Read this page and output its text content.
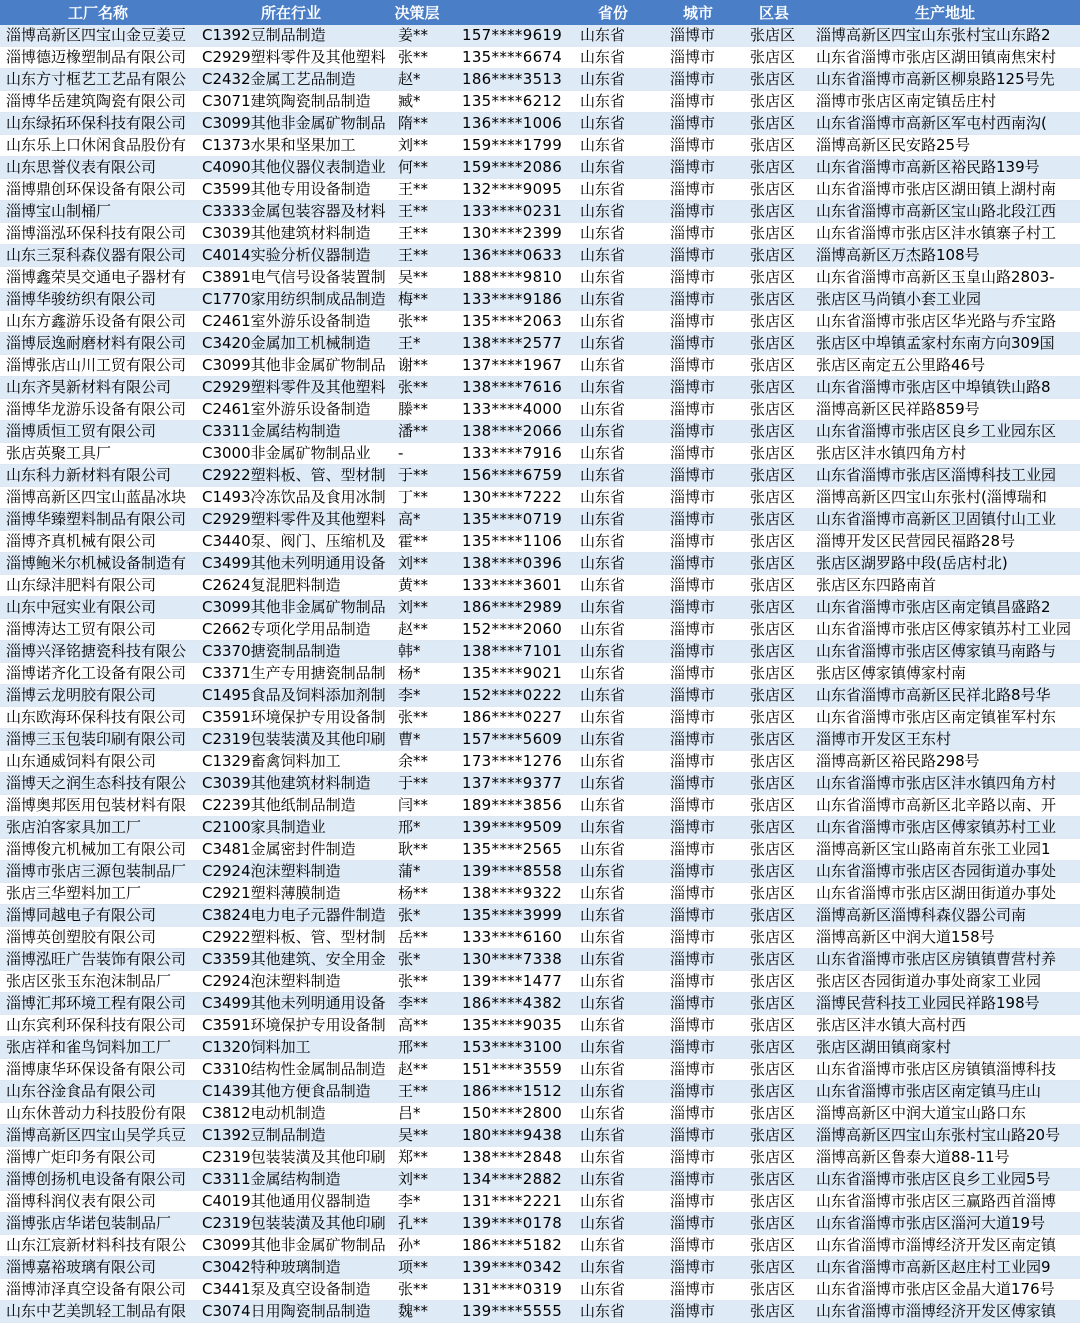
工厂名称	所在行业	决策层		省份	城市	区县	生产地址
淄博高新区四宝山金豆姜豆	C1392豆制品制造	姜**	157****9619	山东省	淄博市	张店区	淄博高新区四宝山东张村宝山东路2
淄博德迈橡塑制品有限公司	C2929塑料零件及其他塑料	张**	135****6674	山东省	淄博市	张店区	山东省淄博市张店区湖田镇南焦宋村
山东方寸框艺工艺品有限公	C2432金属工艺品制造	赵*	186****3513	山东省	淄博市	张店区	山东省淄博市高新区柳泉路125号先
淄博华岳建筑陶瓷有限公司	C3071建筑陶瓷制品制造	臧*	135****6212	山东省	淄博市	张店区	淄博市张店区南定镇岳庄村
山东绿拓环保科技有限公司	C3099其他非金属矿物制品	隋**	136****1006	山东省	淄博市	张店区	山东省淄博市高新区军屯村西南沟(
山东乐上口休闲食品股份有	C1373水果和坚果加工	刘**	159****1799	山东省	淄博市	张店区	淄博高新区民安路25号
山东思誉仪表有限公司	C4090其他仪器仪表制造业	何**	159****2086	山东省	淄博市	张店区	山东省淄博市高新区裕民路139号
淄博鼎创环保设备有限公司	C3599其他专用设备制造	王**	132****9095	山东省	淄博市	张店区	山东省淄博市张店区湖田镇上湖村南
淄博宝山制桶厂	C3333金属包装容器及材料	王**	133****0231	山东省	淄博市	张店区	山东省淄博市高新区宝山路北段江西
淄博淄泓环保科技有限公司	C3039其他建筑材料制造	王**	130****2399	山东省	淄博市	张店区	山东省淄博市张店区沣水镇寨子村工
山东三泵科森仪器有限公司	C4014实验分析仪器制造	王**	136****0633	山东省	淄博市	张店区	淄博高新区万杰路108号
淄博鑫荣昊交通电子器材有	C3891电气信号设备装置制	吴**	188****9810	山东省	淄博市	张店区	山东省淄博市高新区玉皇山路2803-
淄博华骏纺织有限公司	C1770家用纺织制成品制造	梅**	133****9186	山东省	淄博市	张店区	张店区马尚镇小套工业园
山东方鑫游乐设备有限公司	C2461室外游乐设备制造	张**	135****2063	山东省	淄博市	张店区	山东省淄博市张店区华光路与乔宝路
淄博辰逸耐磨材料有限公司	C3420金属加工机械制造	王*	138****2577	山东省	淄博市	张店区	张店区中埠镇孟家村东南方向309国
淄博张店山川工贸有限公司	C3099其他非金属矿物制品	谢**	137****1967	山东省	淄博市	张店区	张店区南定五公里路46号
山东齐昊新材料有限公司	C2929塑料零件及其他塑料	张**	138****7616	山东省	淄博市	张店区	山东省淄博市张店区中埠镇铁山路8
淄博华龙游乐设备有限公司	C2461室外游乐设备制造	滕**	133****4000	山东省	淄博市	张店区	淄博高新区民祥路859号
淄博质恒工贸有限公司	C3311金属结构制造	潘**	138****2066	山东省	淄博市	张店区	山东省淄博市张店区良乡工业园东区
张店英聚工具厂	C3000非金属矿物制品业	-	133****7916	山东省	淄博市	张店区	张店区沣水镇四角方村
山东科力新材料有限公司	C2922塑料板、管、型材制	于**	156****6759	山东省	淄博市	张店区	山东省淄博市张店区淄博科技工业园
淄博高新区四宝山蓝晶冰块	C1493冷冻饮品及食用冰制	丁**	130****7222	山东省	淄博市	张店区	淄博高新区四宝山东张村(淄博瑞和
淄博华臻塑料制品有限公司	C2929塑料零件及其他塑料	高*	135****0719	山东省	淄博市	张店区	山东省淄博市高新区卫固镇付山工业
淄博齐真机械有限公司	C3440泵、阀门、压缩机及	霍**	135****1106	山东省	淄博市	张店区	淄博开发区民营园民福路28号
淄博鲍米尔机械设备制造有	C3499其他未列明通用设备	刘**	138****0396	山东省	淄博市	张店区	张店区湖罗路中段(岳店村北)
山东绿沣肥料有限公司	C2624复混肥料制造	黄**	133****3601	山东省	淄博市	张店区	张店区东四路南首
山东中冠实业有限公司	C3099其他非金属矿物制品	刘**	186****2989	山东省	淄博市	张店区	山东省淄博市张店区南定镇昌盛路2
淄博涛达工贸有限公司	C2662专项化学用品制造	赵**	152****2060	山东省	淄博市	张店区	山东省淄博市张店区傅家镇苏村工业园
淄博兴泽铭搪瓷科技有限公	C3370搪瓷制品制造	韩*	138****7101	山东省	淄博市	张店区	山东省淄博市张店区傅家镇马南路与
淄博诺齐化工设备有限公司	C3371生产专用搪瓷制品制	杨*	135****9021	山东省	淄博市	张店区	张店区傅家镇傅家村南
淄博云龙明胶有限公司	C1495食品及饲料添加剂制	李*	152****0222	山东省	淄博市	张店区	山东省淄博市高新区民祥北路8号华
山东欧海环保科技有限公司	C3591环境保护专用设备制	张**	186****0227	山东省	淄博市	张店区	山东省淄博市张店区南定镇崔军村东
淄博三玉包装印刷有限公司	C2319包装装潢及其他印刷	曹*	157****5609	山东省	淄博市	张店区	淄博市开发区王东村
山东通威饲料有限公司	C1329畜禽饲料加工	余**	173****1276	山东省	淄博市	张店区	淄博高新区裕民路298号
淄博天之润生态科技有限公	C3039其他建筑材料制造	于**	137****9377	山东省	淄博市	张店区	山东省淄博市张店区沣水镇四角方村
淄博奥邦医用包装材料有限	C2239其他纸制品制造	闫**	189****3856	山东省	淄博市	张店区	山东省淄博市高新区北辛路以南、开
张店泊客家具加工厂	C2100家具制造业	邢*	139****9509	山东省	淄博市	张店区	山东省淄博市张店区傅家镇苏村工业
淄博俊亢机械加工有限公司	C3481金属密封件制造	耿**	135****2565	山东省	淄博市	张店区	淄博高新区宝山路南首东张工业园1
淄博市张店三源包装制品厂	C2924泡沫塑料制造	蒲*	139****8558	山东省	淄博市	张店区	山东省淄博市张店区杏园街道办事处
张店三华塑料加工厂	C2921塑料薄膜制造	杨**	138****9322	山东省	淄博市	张店区	山东省淄博市张店区湖田街道办事处
淄博同越电子有限公司	C3824电力电子元器件制造	张*	135****3999	山东省	淄博市	张店区	淄博高新区淄博科森仪器公司南
淄博英创塑胶有限公司	C2922塑料板、管、型材制	岳**	133****6160	山东省	淄博市	张店区	淄博高新区中润大道158号
淄博泓旺广告装饰有限公司	C3359其他建筑、安全用金	张*	130****7338	山东省	淄博市	张店区	山东省淄博市张店区房镇镇曹营村养
张店区张玉东泡沫制品厂	C2924泡沫塑料制造	张**	139****1477	山东省	淄博市	张店区	张店区杏园街道办事处商家工业园
淄博汇邦环境工程有限公司	C3499其他未列明通用设备	李**	186****4382	山东省	淄博市	张店区	淄博民营科技工业园民祥路198号
山东宾利环保科技有限公司	C3591环境保护专用设备制	高**	135****9035	山东省	淄博市	张店区	张店区沣水镇大高村西
张店祥和雀鸟饲料加工厂	C1320饲料加工	邢**	153****3100	山东省	淄博市	张店区	张店区湖田镇商家村
淄博康华环保设备有限公司	C3310结构性金属制品制造	赵**	151****3559	山东省	淄博市	张店区	山东省淄博市张店区房镇镇淄博科技
山东谷淦食品有限公司	C1439其他方便食品制造	王**	186****1512	山东省	淄博市	张店区	山东省淄博市张店区南定镇马庄山
山东休普动力科技股份有限	C3812电动机制造	吕*	150****2800	山东省	淄博市	张店区	淄博高新区中润大道宝山路口东
淄博高新区四宝山吴学兵豆	C1392豆制品制造	吴**	180****9438	山东省	淄博市	张店区	淄博高新区四宝山东张村宝山路20号
淄博广炬印务有限公司	C2319包装装潢及其他印刷	郑**	138****2848	山东省	淄博市	张店区	淄博高新区鲁泰大道88-11号
淄博创扬机电设备有限公司	C3311金属结构制造	刘**	134****2882	山东省	淄博市	张店区	山东省淄博市张店区良乡工业园5号
淄博科润仪表有限公司	C4019其他通用仪器制造	李*	131****2221	山东省	淄博市	张店区	山东省淄博市张店区三赢路西首淄博
淄博张店华诺包装制品厂	C2319包装装潢及其他印刷	孔**	139****0178	山东省	淄博市	张店区	山东省淄博市张店区淄河大道19号
山东江宸新材料科技有限公	C3099其他非金属矿物制品	孙*	186****5182	山东省	淄博市	张店区	山东省淄博市淄博经济开发区南定镇
淄博嘉裕玻璃有限公司	C3042特种玻璃制造	项**	139****0342	山东省	淄博市	张店区	山东省淄博市高新区赵庄村工业园9
淄博沛泽真空设备有限公司	C3441泵及真空设备制造	张**	131****0319	山东省	淄博市	张店区	山东省淄博市张店区金晶大道176号
山东中艺美凯轻工制品有限	C3074日用陶瓷制品制造	魏**	139****5555	山东省	淄博市	张店区	山东省淄博市淄博经济开发区傅家镇
